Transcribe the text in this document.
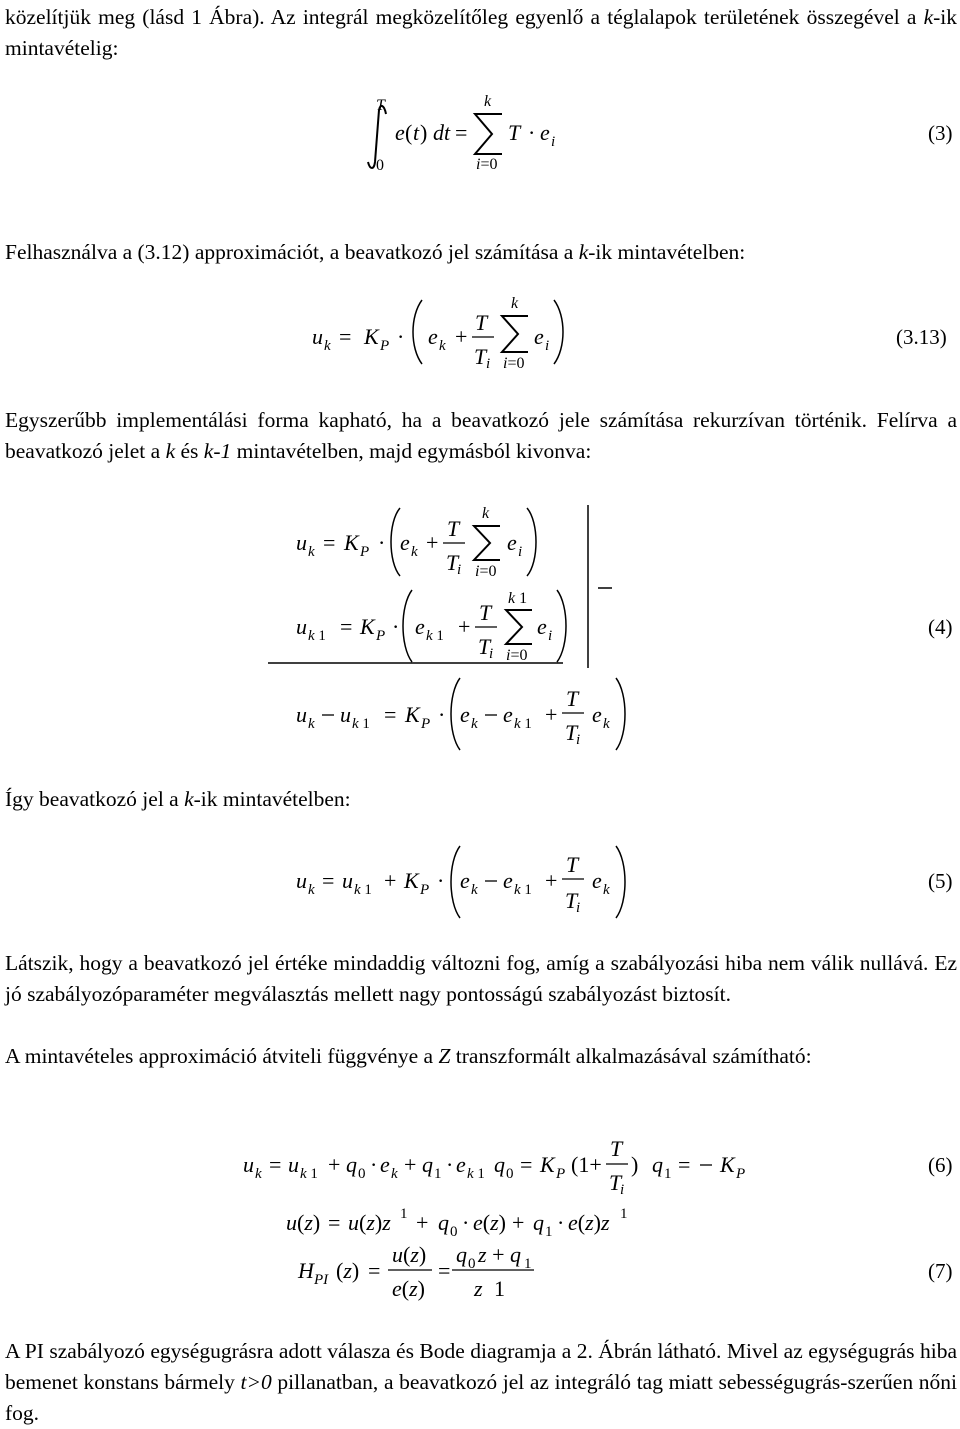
közelítjük meg (lásd 1 Ábra). Az integrál megközelítőleg egyenlő a téglalapok területének összegével a k-ik mintavételig:

T
0
e ( t ) dt =
k
i=0
T · e i	(3)

Felhasználva a (3.12) approximációt, a beavatkozó jel számítása a k-ik mintavételben:

u k = K P · e k +
T
T i
k
i=0
e i	(3.13)

Egyszerűbb implementálási forma kapható, ha a beavatkozó jele számítása rekurzívan történik. Felírva a beavatkozó jelet a k és k-1 mintavételben, majd egymásból kivonva:

u k = K P · e k +
T
T
i
k
i=0
e i
u k 1 = K P · e k 1 +
T
T
i
k 1
i=0
e i	(4)
u k u k 1 = K P · e k e k 1 +
T
T
i
e k

Így beavatkozó jel a k-ik mintavételben:

u k = u k 1 + K P · e k e k 1 +
T
T
i
e k	(5)

Látszik, hogy a beavatkozó jel értéke mindaddig változni fog, amíg a szabályozási hiba nem válik nullává. Ez jó szabályozóparaméter megválasztás mellett nagy pontosságú szabályozást biztosít.

A mintavételes approximáció átviteli függvénye a Z transzformált alkalmazásával számítható:

u k = u k 1 + q 0 · e k + q 1 · e k 1 q 0 = K P (1+
T
T
i
) q 1 = K P	(6)
u(z) = u(z)z 1 + q 0 · e(z) + q 1 · e(z)z 1
H PI (z) =
u(z)
e(z)
=
q 0 z + q 1
z 1
(7)

A PI szabályozó egységugrásra adott válasza és Bode diagramja a 2. Ábrán látható. Mivel az egységugrás hiba bemenet konstans bármely t>0 pillanatban, a beavatkozó jel az integráló tag miatt sebességugrás-szerűen nőni fog.
